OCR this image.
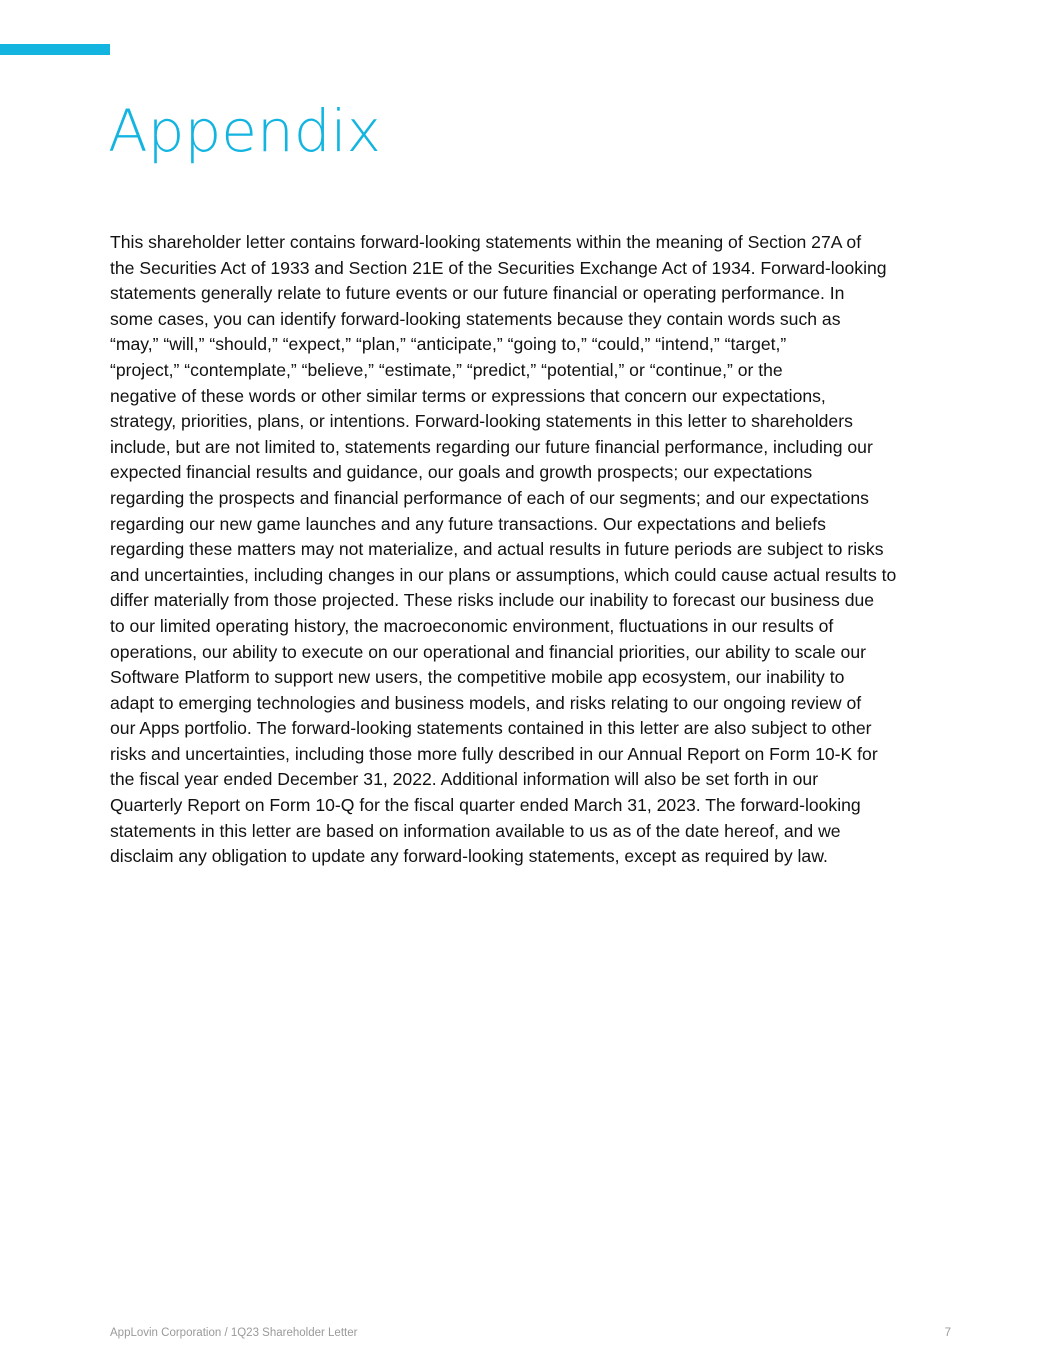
Appendix
This shareholder letter contains forward-looking statements within the meaning of Section 27A of
the Securities Act of 1933 and Section 21E of the Securities Exchange Act of 1934. Forward-looking
statements generally relate to future events or our future financial or operating performance. In
some cases, you can identify forward-looking statements because they contain words such as
“may,” “will,” “should,” “expect,” “plan,” “anticipate,” “going to,” “could,” “intend,” “target,”
“project,” “contemplate,” “believe,” “estimate,” “predict,” “potential,” or “continue,” or the
negative of these words or other similar terms or expressions that concern our expectations,
strategy, priorities, plans, or intentions. Forward-looking statements in this letter to shareholders
include, but are not limited to, statements regarding our future financial performance, including our
expected financial results and guidance, our goals and growth prospects; our expectations
regarding the prospects and financial performance of each of our segments; and our expectations
regarding our new game launches and any future transactions. Our expectations and beliefs
regarding these matters may not materialize, and actual results in future periods are subject to risks
and uncertainties, including changes in our plans or assumptions, which could cause actual results to
differ materially from those projected. These risks include our inability to forecast our business due
to our limited operating history, the macroeconomic environment, fluctuations in our results of
operations, our ability to execute on our operational and financial priorities, our ability to scale our
Software Platform to support new users, the competitive mobile app ecosystem, our inability to
adapt to emerging technologies and business models, and risks relating to our ongoing review of
our Apps portfolio. The forward-looking statements contained in this letter are also subject to other
risks and uncertainties, including those more fully described in our Annual Report on Form 10-K for
the fiscal year ended December 31, 2022. Additional information will also be set forth in our
Quarterly Report on Form 10-Q for the fiscal quarter ended March 31, 2023. The forward-looking
statements in this letter are based on information available to us as of the date hereof, and we
disclaim any obligation to update any forward-looking statements, except as required by law.
AppLovin Corporation / 1Q23 Shareholder Letter	7
